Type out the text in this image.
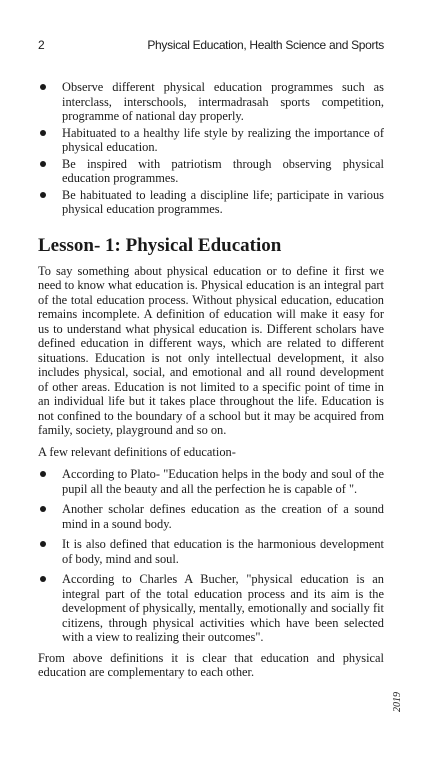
2	Physical Education, Health Science and Sports
Observe different physical education programmes such as interclass, interschools, intermadrasah sports competition, programme of national day properly.
Habituated to a healthy life style by realizing the importance of physical education.
Be inspired with patriotism through observing physical education programmes.
Be habituated to leading a discipline life; participate in various physical education programmes.
Lesson- 1: Physical Education

To say something about physical education or to define it first we need to know what education is. Physical education is an integral part of the total education process. Without physical education, education remains incomplete. A definition of education will make it easy for us to understand what physical education is. Different scholars have defined education in different ways, which are related to different situations. Education is not only intellectual development, it also includes physical, social, and emotional and all round development of other areas. Education is not limited to a specific point of time in an individual life but it takes place throughout the life. Education is not confined to the boundary of a school but it may be acquired from family, society, playground and so on.

A few relevant definitions of education-

According to Plato- "Education helps in the body and soul of the pupil all the beauty and all the perfection he is capable of ".
Another scholar defines education as the creation of a sound mind in a sound body.
It is also defined that education is the harmonious development of body, mind and soul.
According to Charles A Bucher, "physical education is an integral part of the total education process and its aim is the development of physically, mentally, emotionally and socially fit citizens, through physical activities which have been selected with a view to realizing their outcomes".

From above definitions it is clear that education and physical education are complementary to each other.

2019
